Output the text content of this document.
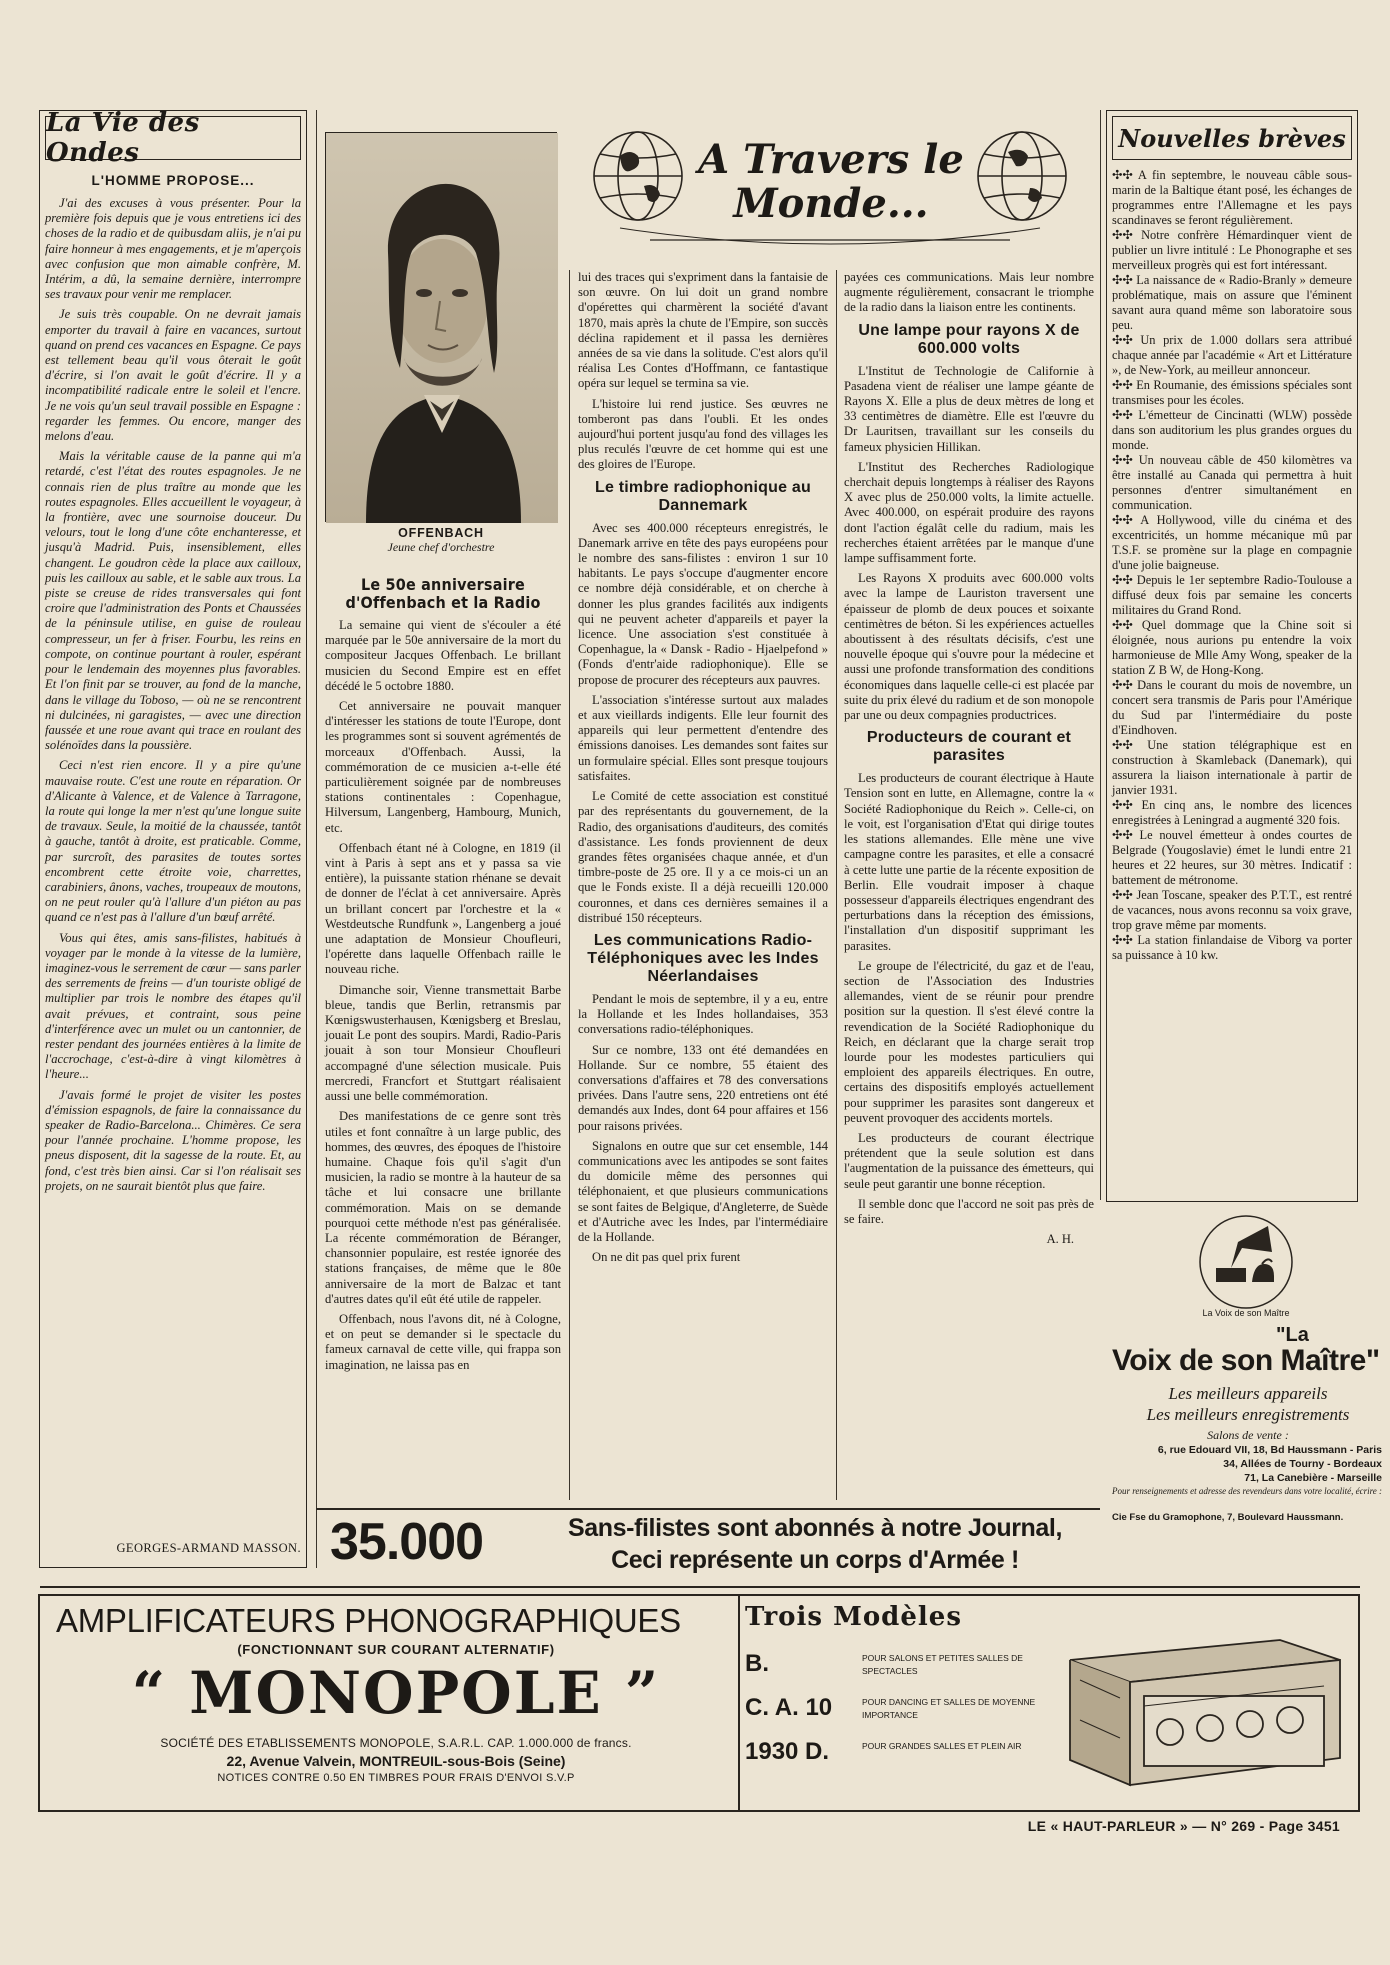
La Vie des Ondes
L'HOMME PROPOSE...

J'ai des excuses à vous présenter. Pour la première fois depuis que je vous entretiens ici des choses de la radio et de quibusdam aliis, je n'ai pu faire honneur à mes engagements, et je m'aperçois avec confusion que mon aimable confrère, M. Intérim, a dû, la semaine dernière, interrompre ses travaux pour venir me remplacer.

Je suis très coupable. On ne devrait jamais emporter du travail à faire en vacances, surtout quand on prend ces vacances en Espagne. Ce pays est tellement beau qu'il vous ôterait le goût d'écrire, si l'on avait le goût d'écrire. Il y a incompatibilité radicale entre le soleil et l'encre. Je ne vois qu'un seul travail possible en Espagne : regarder les femmes. Ou encore, manger des melons d'eau.

Mais la véritable cause de la panne qui m'a retardé, c'est l'état des routes espagnoles. Je ne connais rien de plus traître au monde que les routes espagnoles. Elles accueillent le voyageur, à la frontière, avec une sournoise douceur. Du velours, tout le long d'une côte enchanteresse, et jusqu'à Madrid. Puis, insensiblement, elles changent. Le goudron cède la place aux cailloux, puis les cailloux au sable, et le sable aux trous. La piste se creuse de rides transversales qui font croire que l'administration des Ponts et Chaussées de la péninsule utilise, en guise de rouleau compresseur, un fer à friser. Fourbu, les reins en compote, on continue pourtant à rouler, espérant pour le lendemain des moyennes plus favorables. Et l'on finit par se trouver, au fond de la manche, dans le village du Toboso, — où ne se rencontrent ni dulcinées, ni garagistes, — avec une direction faussée et une roue avant qui trace en roulant des solénoïdes dans la poussière.

Ceci n'est rien encore. Il y a pire qu'une mauvaise route. C'est une route en réparation. Or d'Alicante à Valence, et de Valence à Tarragone, la route qui longe la mer n'est qu'une longue suite de travaux. Seule, la moitié de la chaussée, tantôt à gauche, tantôt à droite, est praticable. Comme, par surcroît, des parasites de toutes sortes encombrent cette étroite voie, charrettes, carabiniers, ânons, vaches, troupeaux de moutons, on ne peut rouler qu'à l'allure d'un piéton au pas quand ce n'est pas à l'allure d'un bœuf arrêté.

Vous qui êtes, amis sans-filistes, habitués à voyager par le monde à la vitesse de la lumière, imaginez-vous le serrement de cœur — sans parler des serrements de freins — d'un touriste obligé de multiplier par trois le nombre des étapes qu'il avait prévues, et contraint, sous peine d'interférence avec un mulet ou un cantonnier, de rester pendant des journées entières à la limite de l'accrochage, c'est-à-dire à vingt kilomètres à l'heure...

J'avais formé le projet de visiter les postes d'émission espagnols, de faire la connaissance du speaker de Radio-Barcelona... Chimères. Ce sera pour l'année prochaine. L'homme propose, les pneus disposent, dit la sagesse de la route. Et, au fond, c'est très bien ainsi. Car si l'on réalisait ses projets, on ne saurait bientôt plus que faire.

GEORGES-ARMAND MASSON.
OFFENBACH
Jeune chef d'orchestre
Le 50e anniversaire d'Offenbach et la Radio

La semaine qui vient de s'écouler a été marquée par le 50e anniversaire de la mort du compositeur Jacques Offenbach. Le brillant musicien du Second Empire est en effet décédé le 5 octobre 1880.

Cet anniversaire ne pouvait manquer d'intéresser les stations de toute l'Europe, dont les programmes sont si souvent agrémentés de morceaux d'Offenbach. Aussi, la commémoration de ce musicien a-t-elle été particulièrement soignée par de nombreuses stations continentales : Copenhague, Hilversum, Langenberg, Hambourg, Munich, etc.

Offenbach étant né à Cologne, en 1819 (il vint à Paris à sept ans et y passa sa vie entière), la puissante station rhénane se devait de donner de l'éclat à cet anniversaire. Après un brillant concert par l'orchestre et la « Westdeutsche Rundfunk », Langenberg a joué une adaptation de Monsieur Choufleuri, l'opérette dans laquelle Offenbach raille le nouveau riche.

Dimanche soir, Vienne transmettait Barbe bleue, tandis que Berlin, retransmis par Kœnigswusterhausen, Kœnigsberg et Breslau, jouait Le pont des soupirs. Mardi, Radio-Paris jouait à son tour Monsieur Choufleuri accompagné d'une sélection musicale. Puis mercredi, Francfort et Stuttgart réalisaient aussi une belle commémoration.

Des manifestations de ce genre sont très utiles et font connaître à un large public, des hommes, des œuvres, des époques de l'histoire humaine. Chaque fois qu'il s'agit d'un musicien, la radio se montre à la hauteur de sa tâche et lui consacre une brillante commémoration. Mais on se demande pourquoi cette méthode n'est pas généralisée. La récente commémoration de Béranger, chansonnier populaire, est restée ignorée des stations françaises, de même que le 80e anniversaire de la mort de Balzac et tant d'autres dates qu'il eût été utile de rappeler.

Offenbach, nous l'avons dit, né à Cologne, et on peut se demander si le spectacle du fameux carnaval de cette ville, qui frappa son imagination, ne laissa pas en

A Travers le Monde...

lui des traces qui s'expriment dans la fantaisie de son œuvre. On lui doit un grand nombre d'opérettes qui charmèrent la société d'avant 1870, mais après la chute de l'Empire, son succès déclina rapidement et il passa les dernières années de sa vie dans la solitude. C'est alors qu'il réalisa Les Contes d'Hoffmann, ce fantastique opéra sur lequel se termina sa vie.

L'histoire lui rend justice. Ses œuvres ne tomberont pas dans l'oubli. Et les ondes aujourd'hui portent jusqu'au fond des villages les plus reculés l'œuvre de cet homme qui est une des gloires de l'Europe.

Le timbre radiophonique au Dannemark

Avec ses 400.000 récepteurs enregistrés, le Danemark arrive en tête des pays européens pour le nombre des sans-filistes : environ 1 sur 10 habitants. Le pays s'occupe d'augmenter encore ce nombre déjà considérable, et on cherche à donner les plus grandes facilités aux indigents qui ne peuvent acheter d'appareils et payer la licence. Une association s'est constituée à Copenhague, la « Dansk - Radio - Hjaelpefond » (Fonds d'entr'aide radiophonique). Elle se propose de procurer des récepteurs aux pauvres.

L'association s'intéresse surtout aux malades et aux vieillards indigents. Elle leur fournit des appareils qui leur permettent d'entendre des émissions danoises. Les demandes sont faites sur un formulaire spécial. Elles sont presque toujours satisfaites.

Le Comité de cette association est constitué par des représentants du gouvernement, de la Radio, des organisations d'auditeurs, des comités d'assistance. Les fonds proviennent de deux grandes fêtes organisées chaque année, et d'un timbre-poste de 25 ore. Il y a ce mois-ci un an que le Fonds existe. Il a déjà recueilli 120.000 couronnes, et dans ces dernières semaines il a distribué 150 récepteurs.

Les communications Radio-Téléphoniques avec les Indes Néerlandaises

Pendant le mois de septembre, il y a eu, entre la Hollande et les Indes hollandaises, 353 conversations radio-téléphoniques.

Sur ce nombre, 133 ont été demandées en Hollande. Sur ce nombre, 55 étaient des conversations d'affaires et 78 des conversations privées. Dans l'autre sens, 220 entretiens ont été demandés aux Indes, dont 64 pour affaires et 156 pour raisons privées.

Signalons en outre que sur cet ensemble, 144 communications avec les antipodes se sont faites du domicile même des personnes qui téléphonaient, et que plusieurs communications se sont faites de Belgique, d'Angleterre, de Suède et d'Autriche avec les Indes, par l'intermédiaire de la Hollande.

On ne dit pas quel prix furent

payées ces communications. Mais leur nombre augmente régulièrement, consacrant le triomphe de la radio dans la liaison entre les continents.

Une lampe pour rayons X de 600.000 volts

L'Institut de Technologie de Californie à Pasadena vient de réaliser une lampe géante de Rayons X. Elle a plus de deux mètres de long et 33 centimètres de diamètre. Elle est l'œuvre du Dr Lauritsen, travaillant sur les conseils du fameux physicien Hillikan.

L'Institut des Recherches Radiologique cherchait depuis longtemps à réaliser des Rayons X avec plus de 250.000 volts, la limite actuelle. Avec 400.000, on espérait produire des rayons dont l'action égalât celle du radium, mais les recherches étaient arrêtées par le manque d'une lampe suffisamment forte.

Les Rayons X produits avec 600.000 volts avec la lampe de Lauriston traversent une épaisseur de plomb de deux pouces et soixante centimètres de béton. Si les expériences actuelles aboutissent à des résultats décisifs, c'est une nouvelle époque qui s'ouvre pour la médecine et aussi une profonde transformation des conditions économiques dans laquelle celle-ci est placée par suite du prix élevé du radium et de son monopole par une ou deux compagnies productrices.

Producteurs de courant et parasites

Les producteurs de courant électrique à Haute Tension sont en lutte, en Allemagne, contre la « Société Radiophonique du Reich ». Celle-ci, on le voit, est l'organisation d'Etat qui dirige toutes les stations allemandes. Elle mène une vive campagne contre les parasites, et elle a consacré à cette lutte une partie de la récente exposition de Berlin. Elle voudrait imposer à chaque possesseur d'appareils électriques engendrant des perturbations dans la réception des émissions, l'installation d'un dispositif supprimant les parasites.

Le groupe de l'électricité, du gaz et de l'eau, section de l'Association des Industries allemandes, vient de se réunir pour prendre position sur la question. Il s'est élevé contre la revendication de la Société Radiophonique du Reich, en déclarant que la charge serait trop lourde pour les modestes particuliers qui emploient des appareils électriques. En outre, certains des dispositifs employés actuellement pour supprimer les parasites sont dangereux et peuvent provoquer des accidents mortels.

Les producteurs de courant électrique prétendent que la seule solution est dans l'augmentation de la puissance des émetteurs, qui seule peut garantir une bonne réception.

Il semble donc que l'accord ne soit pas près de se faire.

A. H.
Nouvelles brèves
✣✣ A fin septembre, le nouveau câble sous-marin de la Baltique étant posé, les échanges de programmes entre l'Allemagne et les pays scandinaves se feront régulièrement.
✣✣ Notre confrère Hémardinquer vient de publier un livre intitulé : Le Phonographe et ses merveilleux progrès qui est fort intéressant.
✣✣ La naissance de « Radio-Branly » demeure problématique, mais on assure que l'éminent savant aura quand même son laboratoire sous peu.
✣✣ Un prix de 1.000 dollars sera attribué chaque année par l'académie « Art et Littérature », de New-York, au meilleur annonceur.
✣✣ En Roumanie, des émissions spéciales sont transmises pour les écoles.
✣✣ L'émetteur de Cincinatti (WLW) possède dans son auditorium les plus grandes orgues du monde.
✣✣ Un nouveau câble de 450 kilomètres va être installé au Canada qui permettra à huit personnes d'entrer simultanément en communication.
✣✣ A Hollywood, ville du cinéma et des excentricités, un homme mécanique mû par T.S.F. se promène sur la plage en compagnie d'une jolie baigneuse.
✣✣ Depuis le 1er septembre Radio-Toulouse a diffusé deux fois par semaine les concerts militaires du Grand Rond.
✣✣ Quel dommage que la Chine soit si éloignée, nous aurions pu entendre la voix harmonieuse de Mlle Amy Wong, speaker de la station Z B W, de Hong-Kong.
✣✣ Dans le courant du mois de novembre, un concert sera transmis de Paris pour l'Amérique du Sud par l'intermédiaire du poste d'Eindhoven.
✣✣ Une station télégraphique est en construction à Skamleback (Danemark), qui assurera la liaison internationale à partir de janvier 1931.
✣✣ En cinq ans, le nombre des licences enregistrées à Leningrad a augmenté 320 fois.
✣✣ Le nouvel émetteur à ondes courtes de Belgrade (Yougoslavie) émet le lundi entre 21 heures et 22 heures, sur 30 mètres. Indicatif : battement de métronome.
✣✣ Jean Toscane, speaker des P.T.T., est rentré de vacances, nous avons reconnu sa voix grave, trop grave même par moments.
✣✣ La station finlandaise de Viborg va porter sa puissance à 10 kw.
La Voix de son Maître
"La
Voix de son Maître"
Les meilleurs appareils
Les meilleurs enregistrements
Salons de vente :
6, rue Edouard VII, 18, Bd Haussmann - Paris
34, Allées de Tourny - Bordeaux
71, La Canebière - Marseille
Pour renseignements et adresse des revendeurs dans votre localité, écrire :
Cie Fse du Gramophone, 7, Boulevard Haussmann.
35.000	Sans-filistes sont abonnés à notre Journal,
Ceci représente un corps d'Armée !
AMPLIFICATEURS PHONOGRAPHIQUES
(FONCTIONNANT SUR COURANT ALTERNATIF)
“ MONOPOLE ”
SOCIÉTÉ DES ETABLISSEMENTS MONOPOLE, S.A.R.L. CAP. 1.000.000 de francs.
22, Avenue Valvein, MONTREUIL-sous-Bois (Seine)
NOTICES CONTRE 0.50 EN TIMBRES POUR FRAIS D'ENVOI S.V.P
Trois Modèles
B.	POUR SALONS ET PETITES SALLES DE SPECTACLES
C. A. 10	POUR DANCING ET SALLES DE MOYENNE IMPORTANCE
1930 D.	POUR GRANDES SALLES ET PLEIN AIR
LE « HAUT-PARLEUR » — N° 269 - Page 3451
